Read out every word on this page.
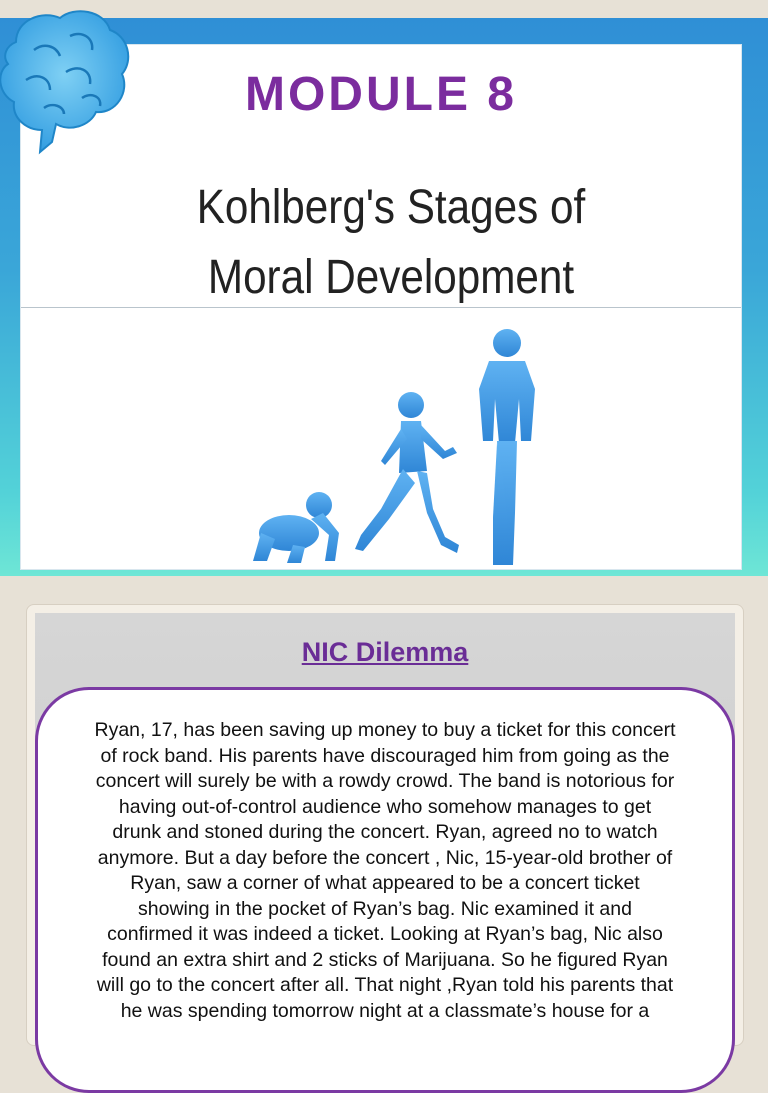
MODULE 8
Kohlberg's Stages of
Moral Development
NIC Dilemma
Ryan, 17, has been saving up money to buy a ticket for this concert
of rock band. His parents have discouraged him from going as the
concert will surely be with a rowdy crowd. The band is notorious for
having out-of-control audience who somehow manages to get
drunk and stoned during the concert. Ryan, agreed no to watch
anymore. But a day before the concert , Nic, 15-year-old brother of
Ryan, saw a corner of what appeared to be a concert ticket
showing in the pocket of Ryan’s bag. Nic examined it and
confirmed it was indeed a ticket. Looking at Ryan’s bag, Nic also
found an extra shirt and 2 sticks of Marijuana. So he figured Ryan
will go to the concert after all. That night ,Ryan told his parents that
he was spending tomorrow night at a classmate’s house for a
